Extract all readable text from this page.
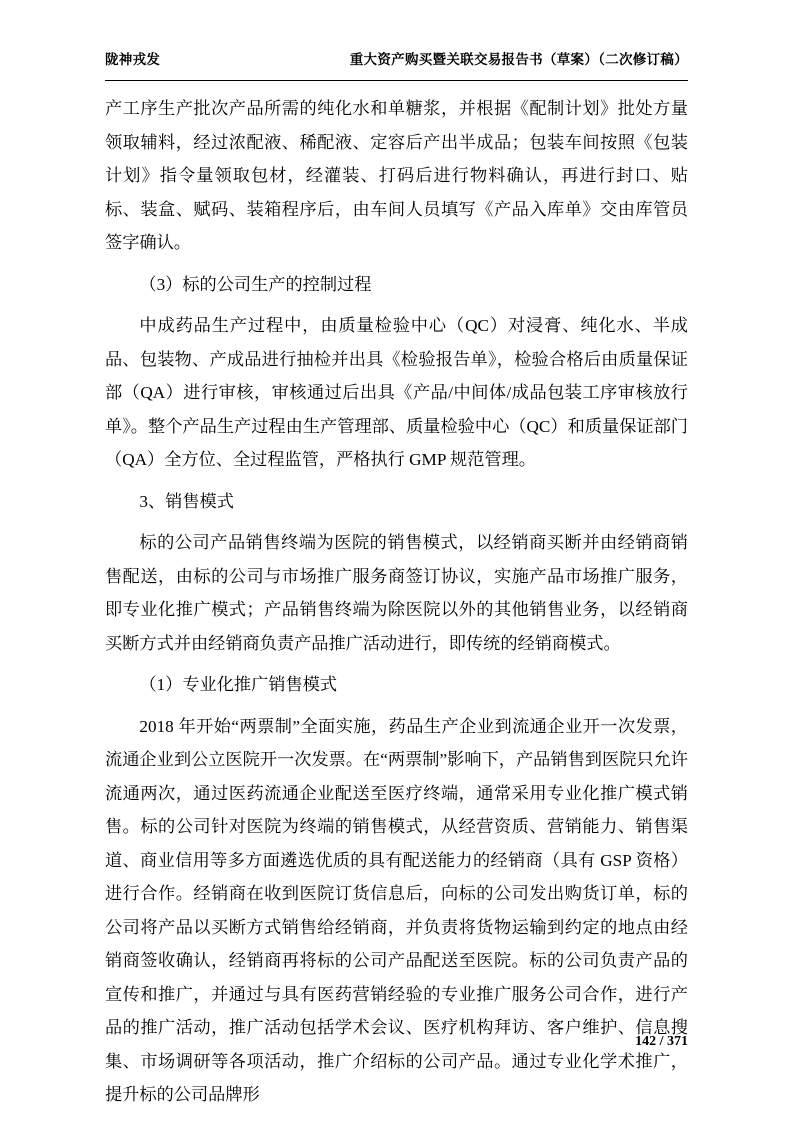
陇神戎发	重大资产购买暨关联交易报告书（草案）（二次修订稿）

产工序生产批次产品所需的纯化水和单糖浆，并根据《配制计划》批处方量领取辅料，经过浓配液、稀配液、定容后产出半成品；包装车间按照《包装计划》指令量领取包材，经灌装、打码后进行物料确认，再进行封口、贴标、装盒、赋码、装箱程序后，由车间人员填写《产品入库单》交由库管员签字确认。

（3）标的公司生产的控制过程

中成药品生产过程中，由质量检验中心（QC）对浸膏、纯化水、半成品、包装物、产成品进行抽检并出具《检验报告单》，检验合格后由质量保证部（QA）进行审核，审核通过后出具《产品/中间体/成品包装工序审核放行单》。整个产品生产过程由生产管理部、质量检验中心（QC）和质量保证部门（QA）全方位、全过程监管，严格执行 GMP 规范管理。

3、销售模式

标的公司产品销售终端为医院的销售模式，以经销商买断并由经销商销售配送，由标的公司与市场推广服务商签订协议，实施产品市场推广服务，即专业化推广模式；产品销售终端为除医院以外的其他销售业务，以经销商买断方式并由经销商负责产品推广活动进行，即传统的经销商模式。

（1）专业化推广销售模式

2018 年开始“两票制”全面实施，药品生产企业到流通企业开一次发票，流通企业到公立医院开一次发票。在“两票制”影响下，产品销售到医院只允许流通两次，通过医药流通企业配送至医疗终端，通常采用专业化推广模式销售。标的公司针对医院为终端的销售模式，从经营资质、营销能力、销售渠道、商业信用等多方面遴选优质的具有配送能力的经销商（具有 GSP 资格）进行合作。经销商在收到医院订货信息后，向标的公司发出购货订单，标的公司将产品以买断方式销售给经销商，并负责将货物运输到约定的地点由经销商签收确认，经销商再将标的公司产品配送至医院。标的公司负责产品的宣传和推广，并通过与具有医药营销经验的专业推广服务公司合作，进行产品的推广活动，推广活动包括学术会议、医疗机构拜访、客户维护、信息搜集、市场调研等各项活动，推广介绍标的公司产品。通过专业化学术推广，提升标的公司品牌形

142 / 371
